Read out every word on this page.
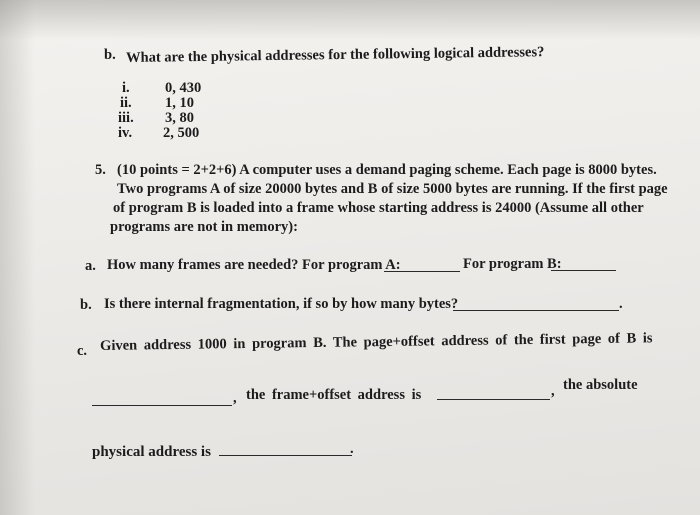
b. What are the physical addresses for the following logical addresses?
i. 0, 430
ii. 1, 10
iii. 3, 80
iv. 2, 500
5. (10 points = 2+2+6) A computer uses a demand paging scheme. Each page is 8000 bytes.
Two programs A of size 20000 bytes and B of size 5000 bytes are running. If the first page
of program B is loaded into a frame whose starting address is 24000 (Assume all other
programs are not in memory):
a. How many frames are needed? For program A:	For program B:
b. Is there internal fragmentation, if so by how many bytes?	.
c. Given address 1000 in program B. The page+offset address of the first page of B is
, the frame+offset address is	, the absolute
physical address is	.
